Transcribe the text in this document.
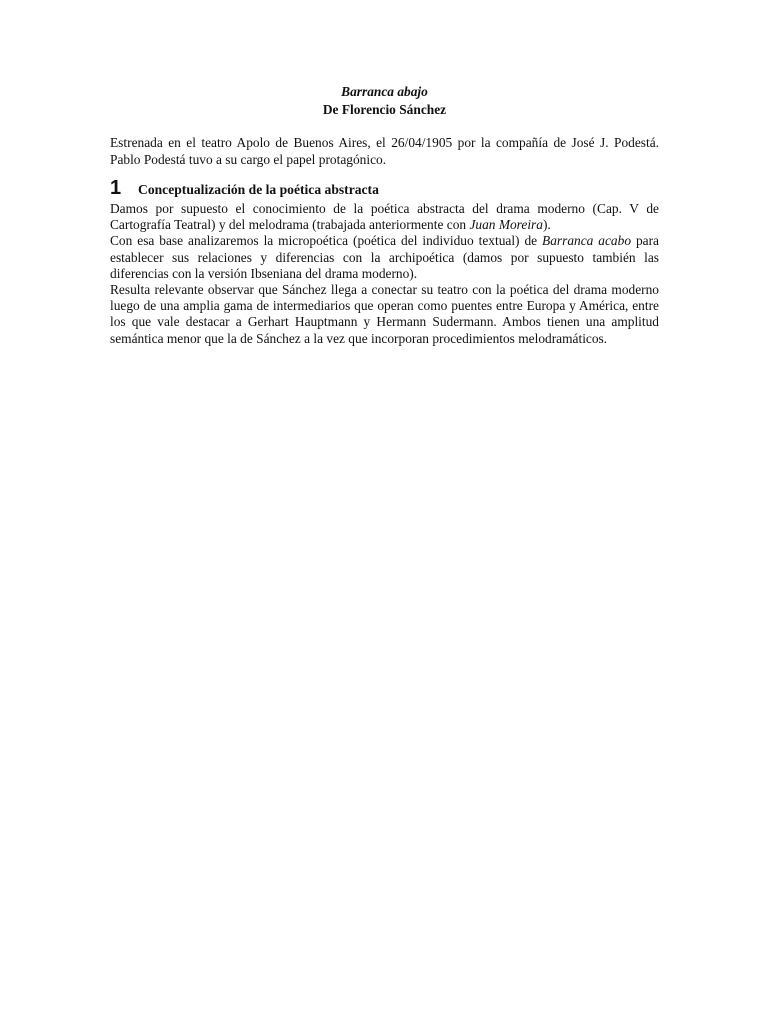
Barranca abajo

De Florencio Sánchez

Estrenada en el teatro Apolo de Buenos Aires, el 26/04/1905 por la compañía de José J. Podestá. Pablo Podestá tuvo a su cargo el papel protagónico.

1	Conceptualización de la poética abstracta

Damos por supuesto el conocimiento de la poética abstracta del drama moderno (Cap. V de Cartografía Teatral) y del melodrama (trabajada anteriormente con Juan Moreira).
Con esa base analizaremos la micropoética (poética del individuo textual) de Barranca acabo para establecer sus relaciones y diferencias con la archipoética (damos por supuesto también las diferencias con la versión Ibseniana del drama moderno).

Resulta relevante observar que Sánchez llega a conectar su teatro con la poética del drama moderno luego de una amplia gama de intermediarios que operan como puentes entre Europa y América, entre los que vale destacar a Gerhart Hauptmann y Hermann Sudermann. Ambos tienen una amplitud semántica menor que la de Sánchez a la vez que incorporan procedimientos melodramáticos.
